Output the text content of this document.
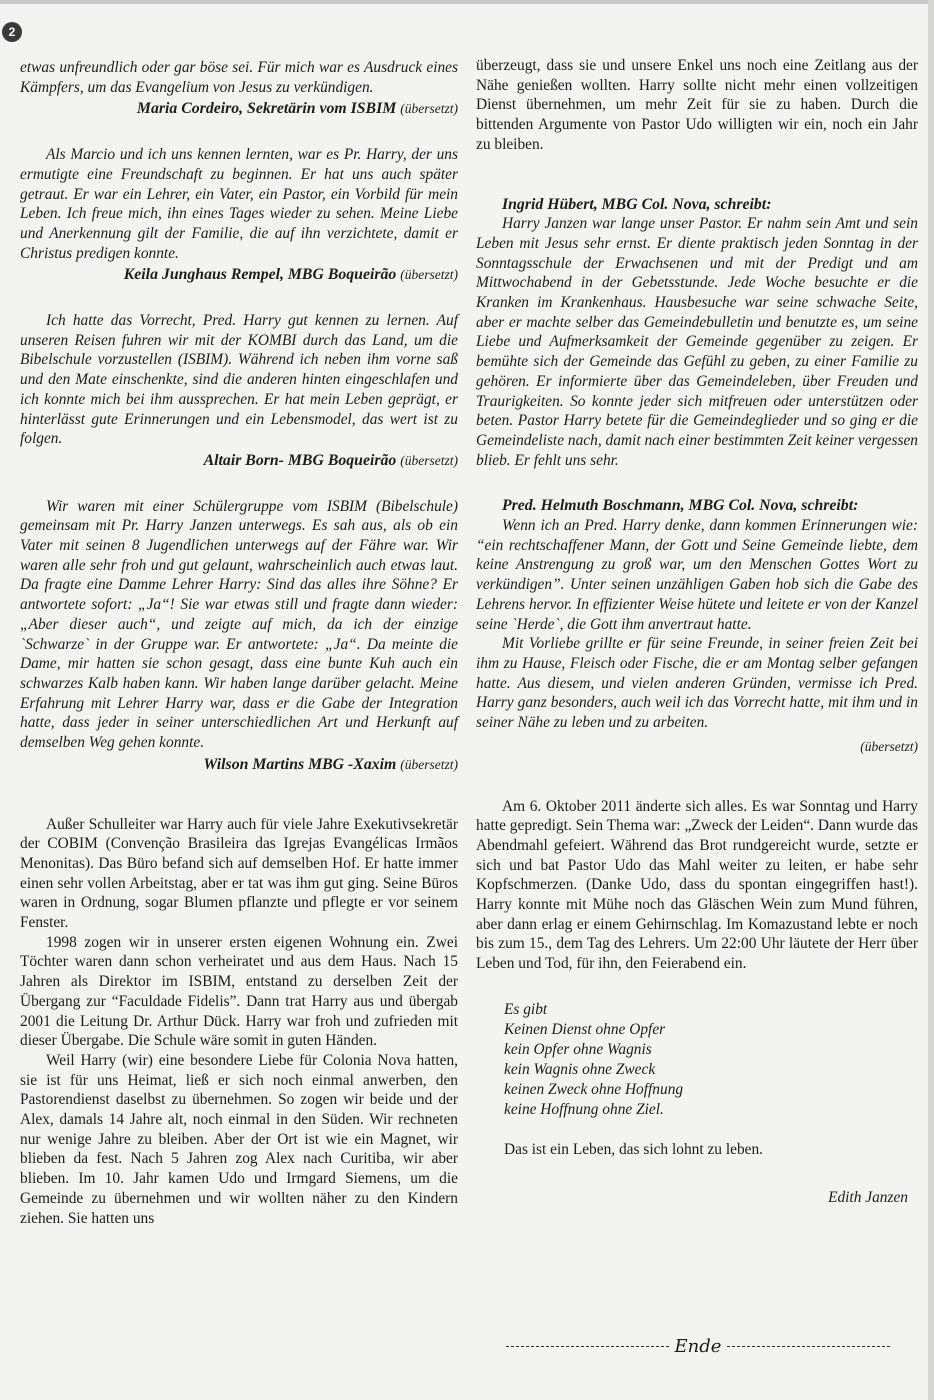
2

etwas unfreundlich oder gar böse sei. Für mich war es Ausdruck eines Kämpfers, um das Evangelium von Jesus zu verkündigen.

Maria Cordeiro, Sekretärin vom ISBIM (übersetzt)

Als Marcio und ich uns kennen lernten, war es Pr. Harry, der uns ermutigte eine Freundschaft zu beginnen. Er hat uns auch später getraut. Er war ein Lehrer, ein Vater, ein Pastor, ein Vorbild für mein Leben. Ich freue mich, ihn eines Tages wieder zu sehen. Meine Liebe und Anerkennung gilt der Familie, die auf ihn verzichtete, damit er Christus predigen konnte.

Keila Junghaus Rempel, MBG Boqueirão (übersetzt)

Ich hatte das Vorrecht, Pred. Harry gut kennen zu lernen. Auf unseren Reisen fuhren wir mit der KOMBI durch das Land, um die Bibelschule vorzustellen (ISBIM). Während ich neben ihm vorne saß und den Mate einschenkte, sind die anderen hinten eingeschlafen und ich konnte mich bei ihm aussprechen. Er hat mein Leben geprägt, er hinterlässt gute Erinnerungen und ein Lebensmodel, das wert ist zu folgen.

Altair Born- MBG Boqueirão (übersetzt)

Wir waren mit einer Schülergruppe vom ISBIM (Bibelschule) gemeinsam mit Pr. Harry Janzen unterwegs. Es sah aus, als ob ein Vater mit seinen 8 Jugendlichen unterwegs auf der Fähre war. Wir waren alle sehr froh und gut gelaunt, wahrscheinlich auch etwas laut. Da fragte eine Damme Lehrer Harry: Sind das alles ihre Söhne? Er antwortete sofort: „Ja“! Sie war etwas still und fragte dann wieder: „Aber dieser auch“, und zeigte auf mich, da ich der einzige `Schwarze` in der Gruppe war. Er antwortete: „Ja“. Da meinte die Dame, mir hatten sie schon gesagt, dass eine bunte Kuh auch ein schwarzes Kalb haben kann. Wir haben lange darüber gelacht. Meine Erfahrung mit Lehrer Harry war, dass er die Gabe der Integration hatte, dass jeder in seiner unterschiedlichen Art und Herkunft auf demselben Weg gehen konnte.

Wilson Martins MBG -Xaxim (übersetzt)

Außer Schulleiter war Harry auch für viele Jahre Exekutivsekretär der COBIM (Convenção Brasileira das Igrejas Evangélicas Irmãos Menonitas). Das Büro befand sich auf demselben Hof. Er hatte immer einen sehr vollen Arbeitstag, aber er tat was ihm gut ging. Seine Büros waren in Ordnung, sogar Blumen pflanzte und pflegte er vor seinem Fenster.

1998 zogen wir in unserer ersten eigenen Wohnung ein. Zwei Töchter waren dann schon verheiratet und aus dem Haus. Nach 15 Jahren als Direktor im ISBIM, entstand zu derselben Zeit der Übergang zur “Faculdade Fidelis”. Dann trat Harry aus und übergab 2001 die Leitung Dr. Arthur Dück. Harry war froh und zufrieden mit dieser Übergabe. Die Schule wäre somit in guten Händen.

Weil Harry (wir) eine besondere Liebe für Colonia Nova hatten, sie ist für uns Heimat, ließ er sich noch einmal anwerben, den Pastorendienst daselbst zu übernehmen. So zogen wir beide und der Alex, damals 14 Jahre alt, noch einmal in den Süden. Wir rechneten nur wenige Jahre zu bleiben. Aber der Ort ist wie ein Magnet, wir blieben da fest. Nach 5 Jahren zog Alex nach Curitiba, wir aber blieben. Im 10. Jahr kamen Udo und Irmgard Siemens, um die Gemeinde zu übernehmen und wir wollten näher zu den Kindern ziehen. Sie hatten uns

überzeugt, dass sie und unsere Enkel uns noch eine Zeitlang aus der Nähe genießen wollten. Harry sollte nicht mehr einen vollzeitigen Dienst übernehmen, um mehr Zeit für sie zu haben. Durch die bittenden Argumente von Pastor Udo willigten wir ein, noch ein Jahr zu bleiben.

Ingrid Hübert, MBG Col. Nova, schreibt:

Harry Janzen war lange unser Pastor. Er nahm sein Amt und sein Leben mit Jesus sehr ernst. Er diente praktisch jeden Sonntag in der Sonntagsschule der Erwachsenen und mit der Predigt und am Mittwochabend in der Gebetsstunde. Jede Woche besuchte er die Kranken im Krankenhaus. Hausbesuche war seine schwache Seite, aber er machte selber das Gemeindebulletin und benutzte es, um seine Liebe und Aufmerksamkeit der Gemeinde gegenüber zu zeigen. Er bemühte sich der Gemeinde das Gefühl zu geben, zu einer Familie zu gehören. Er informierte über das Gemeindeleben, über Freuden und Traurigkeiten. So konnte jeder sich mitfreuen oder unterstützen oder beten. Pastor Harry betete für die Gemeindeglieder und so ging er die Gemeindeliste nach, damit nach einer bestimmten Zeit keiner vergessen blieb. Er fehlt uns sehr.

Pred. Helmuth Boschmann, MBG Col. Nova, schreibt:

Wenn ich an Pred. Harry denke, dann kommen Erinnerungen wie: “ein rechtschaffener Mann, der Gott und Seine Gemeinde liebte, dem keine Anstrengung zu groß war, um den Menschen Gottes Wort zu verkündigen”. Unter seinen unzähligen Gaben hob sich die Gabe des Lehrens hervor. In effizienter Weise hütete und leitete er von der Kanzel seine `Herde`, die Gott ihm anvertraut hatte.

Mit Vorliebe grillte er für seine Freunde, in seiner freien Zeit bei ihm zu Hause, Fleisch oder Fische, die er am Montag selber gefangen hatte. Aus diesem, und vielen anderen Gründen, vermisse ich Pred. Harry ganz besonders, auch weil ich das Vorrecht hatte, mit ihm und in seiner Nähe zu leben und zu arbeiten.

(übersetzt)

Am 6. Oktober 2011 änderte sich alles. Es war Sonntag und Harry hatte gepredigt. Sein Thema war: „Zweck der Leiden“. Dann wurde das Abendmahl gefeiert. Während das Brot rundgereicht wurde, setzte er sich und bat Pastor Udo das Mahl weiter zu leiten, er habe sehr Kopfschmerzen. (Danke Udo, dass du spontan eingegriffen hast!). Harry konnte mit Mühe noch das Gläschen Wein zum Mund führen, aber dann erlag er einem Gehirnschlag. Im Komazustand lebte er noch bis zum 15., dem Tag des Lehrers. Um 22:00 Uhr läutete der Herr über Leben und Tod, für ihn, den Feierabend ein.

Es gibt
Keinen Dienst ohne Opfer
kein Opfer ohne Wagnis
kein Wagnis ohne Zweck
keinen Zweck ohne Hoffnung
keine Hoffnung ohne Ziel.
Das ist ein Leben, das sich lohnt zu leben.
Edith Janzen
Ende
